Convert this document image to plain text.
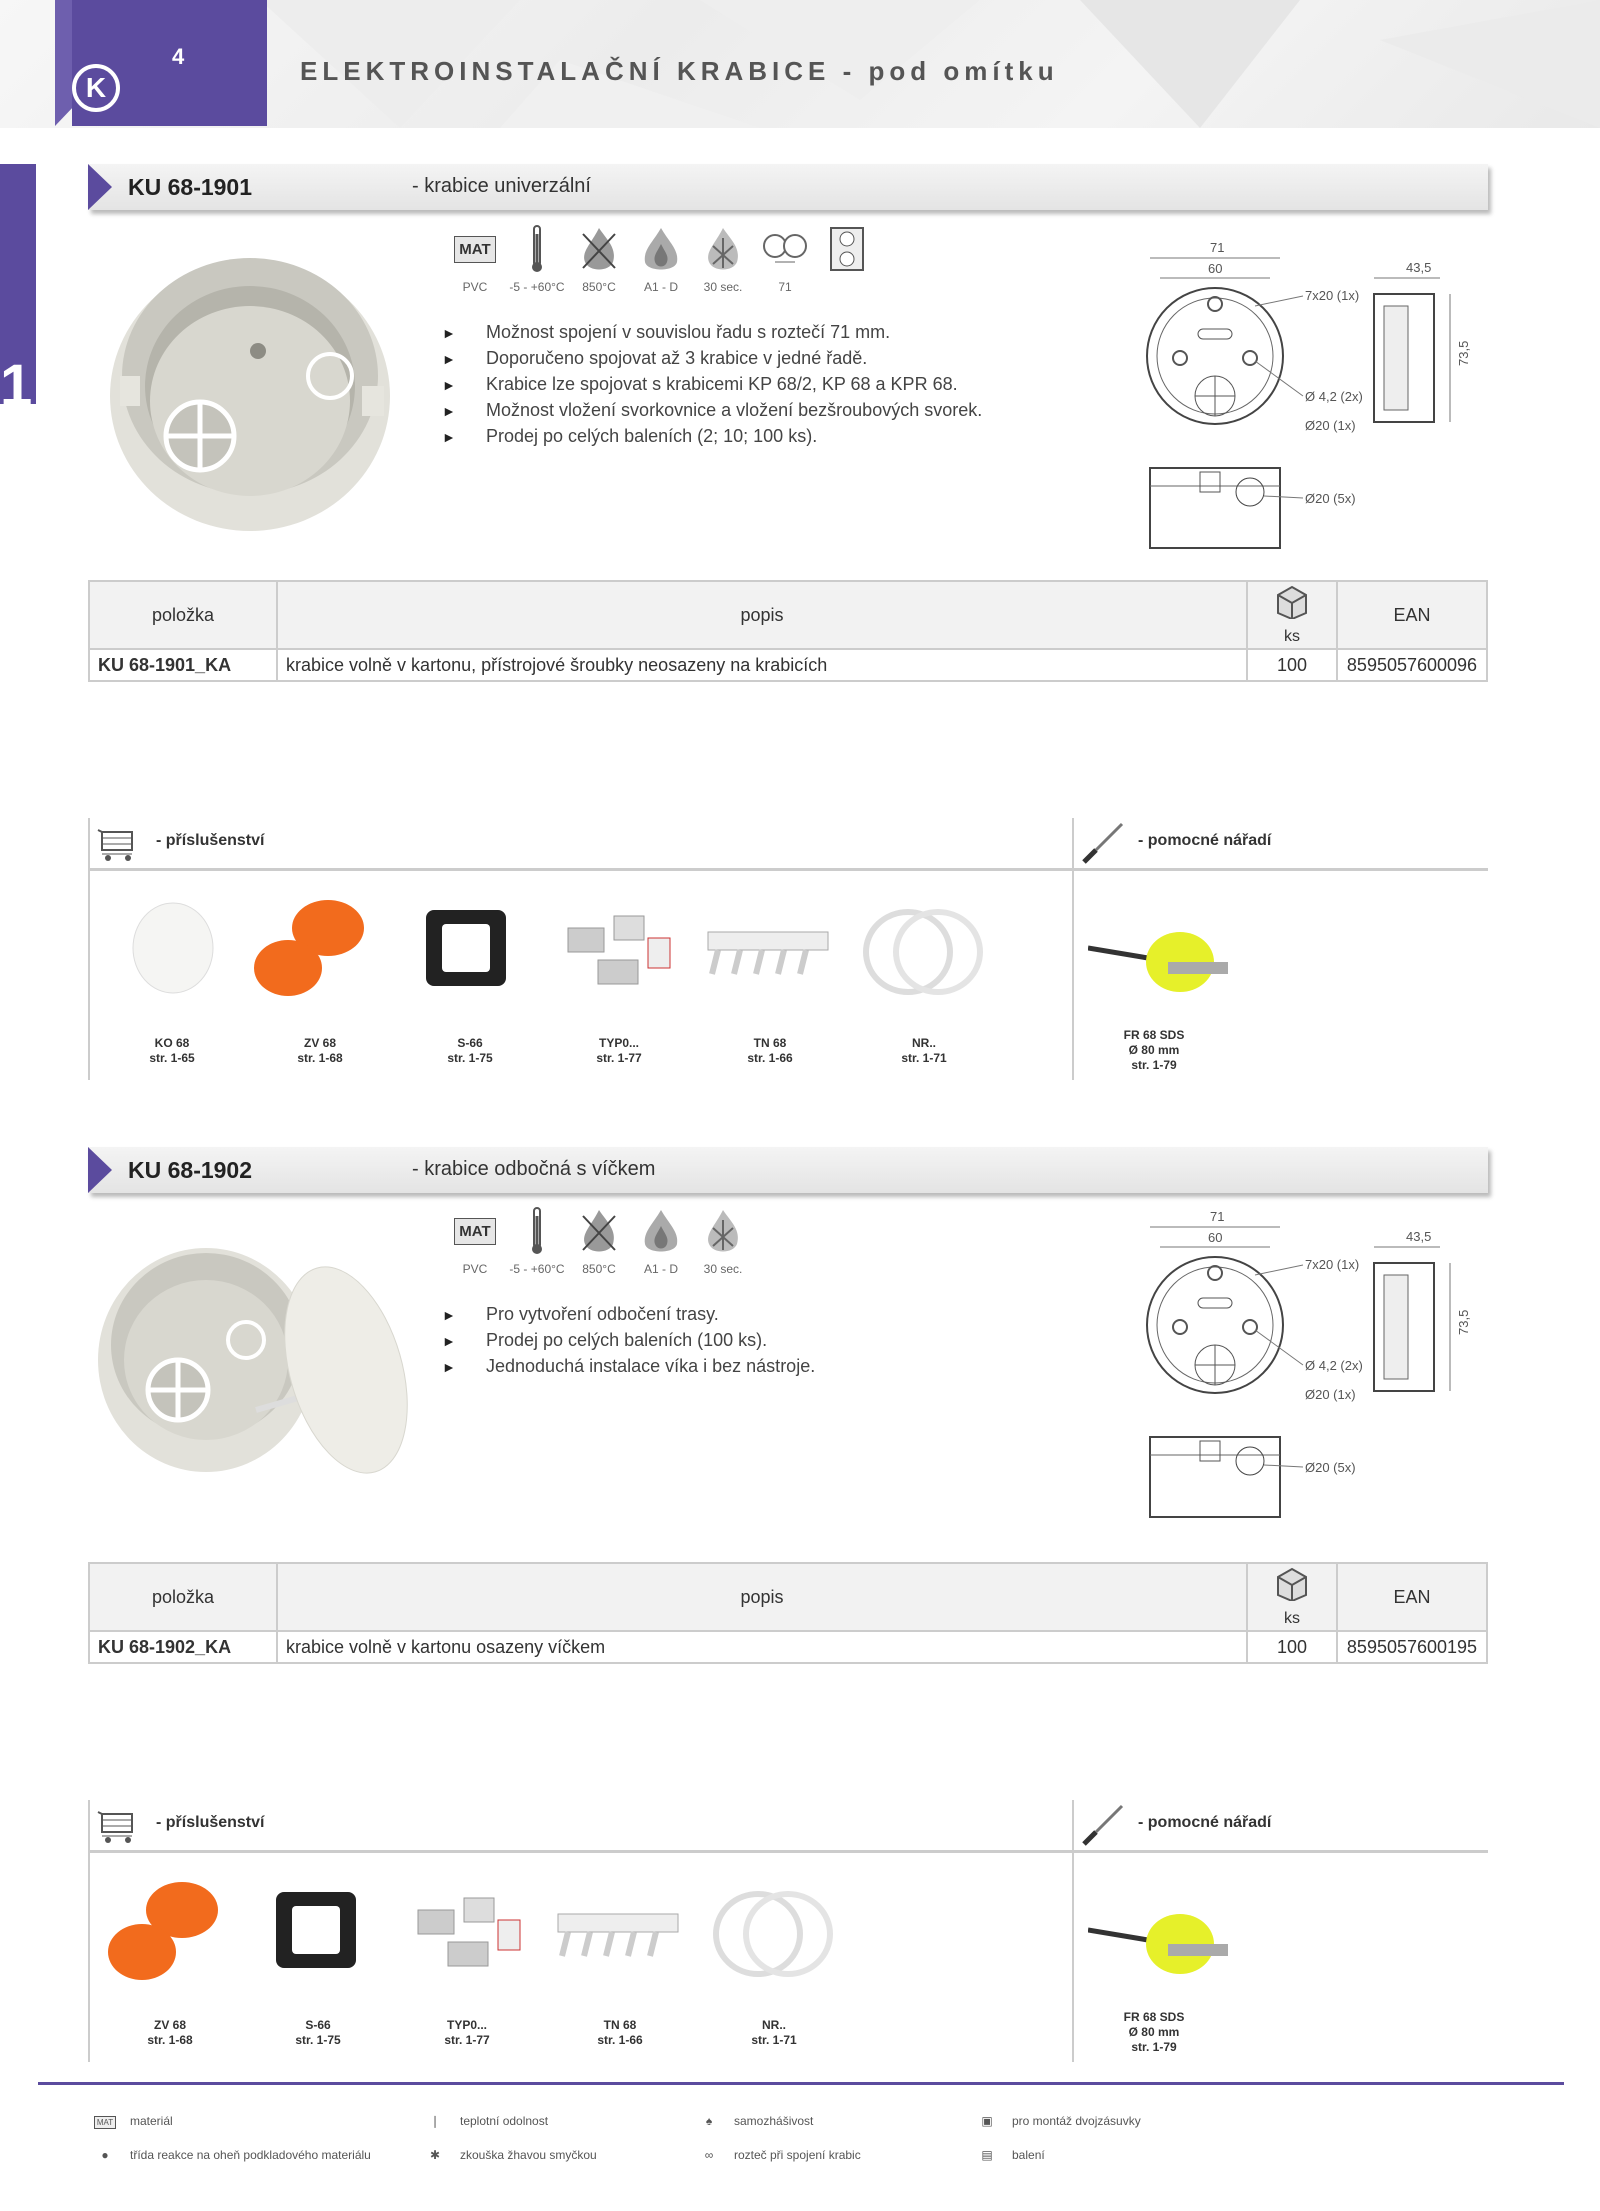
4
K
ELEKTROINSTALAČNÍ KRABICE - pod omítku
1
KU 68-1901	- krabice univerzální
MAT
PVC	-5 - +60°C	850°C	A1 - D	30 sec.	71
► Možnost spojení v souvislou řadu s roztečí 71 mm.
► Doporučeno spojovat až 3 krabice v jedné řadě.
► Krabice lze spojovat s krabicemi KP 68/2, KP 68 a KPR 68.
► Možnost vložení svorkovnice a vložení bezšroubových svorek.
► Prodej po celých baleních (2; 10; 100 ks).
71
60
7x20 (1x)
Ø 4,2 (2x)
Ø20 (1x)
43,5
73,5
Ø20 (5x)
položka	popis		EAN
		ks	
KU 68-1901_KA	krabice volně v kartonu, přístrojové šroubky neosazeny na krabicích	100	8595057600096
- příslušenství	- pomocné nářadí
KO 68
str. 1-65
ZV 68
str. 1-68
S-66
str. 1-75
TYP0...
str. 1-77
TN 68
str. 1-66
NR..
str. 1-71
FR 68 SDS
Ø 80 mm
str. 1-79
KU 68-1902	- krabice odbočná s víčkem
MAT
PVC	-5 - +60°C	850°C	A1 - D	30 sec.
► Pro vytvoření odbočení trasy.
► Prodej po celých baleních (100 ks).
► Jednoduchá instalace víka i bez nástroje.
71
60
7x20 (1x)
Ø 4,2 (2x)
Ø20 (1x)
43,5
73,5
Ø20 (5x)
položka	popis		EAN
		ks	
KU 68-1902_KA	krabice volně v kartonu osazeny víčkem	100	8595057600195
- příslušenství	- pomocné nářadí
ZV 68
str. 1-68
S-66
str. 1-75
TYP0...
str. 1-77
TN 68
str. 1-66
NR..
str. 1-71
FR 68 SDS
Ø 80 mm
str. 1-79
MAT	materiál	❘	teplotní odolnost	♠	samozhášivost	▣	pro montáž dvojzásuvky
●	třída reakce na oheň podkladového materiálu	✱	zkouška žhavou smyčkou	∞	rozteč při spojení krabic	▤	balení
